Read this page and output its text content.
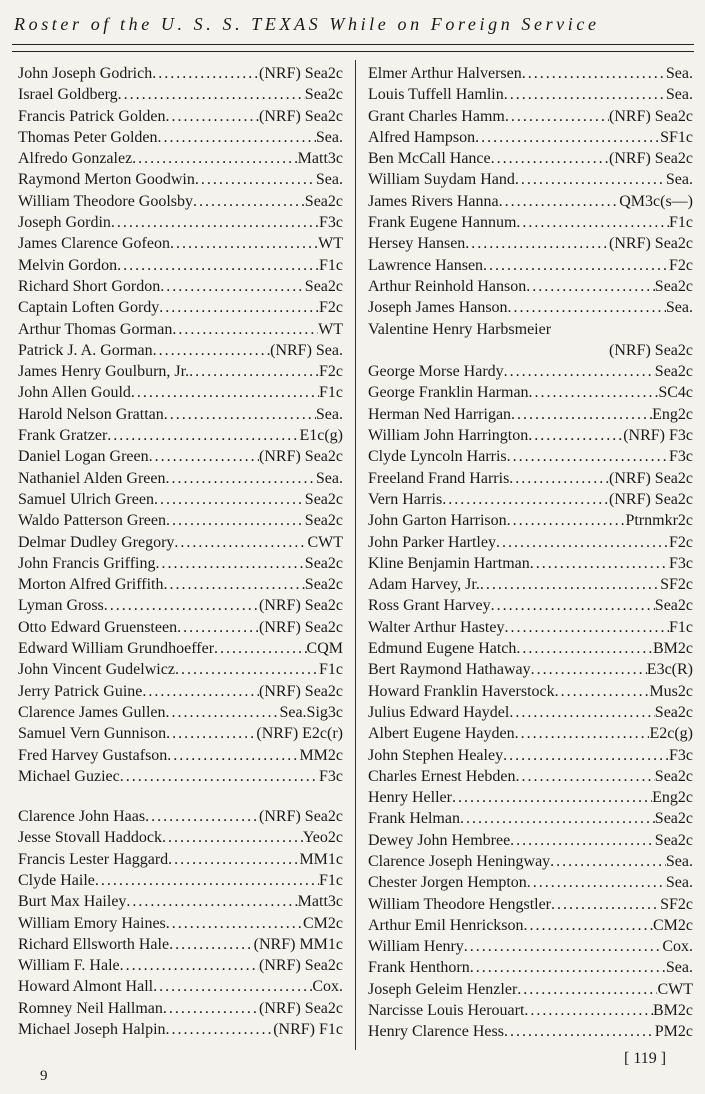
Roster of the U. S. S. TEXAS While on Foreign Service
John Joseph Godrich .....	(NRF) Sea2c
Israel Goldberg .....	Sea2c
Francis Patrick Golden .....	(NRF) Sea2c
Thomas Peter Golden .....	Sea.
Alfredo Gonzalez .....	Matt3c
Raymond Merton Goodwin .....	Sea.
William Theodore Goolsby .....	Sea2c
Joseph Gordin .....	F3c
James Clarence Gofeon .....	WT
Melvin Gordon .....	F1c
Richard Short Gordon .....	Sea2c
Captain Loften Gordy .....	F2c
Arthur Thomas Gorman .....	WT
Patrick J. A. Gorman .....	(NRF) Sea.
James Henry Goulburn, Jr. .....	F2c
John Allen Gould .....	F1c
Harold Nelson Grattan .....	Sea.
Frank Gratzer .....	E1c(g)
Daniel Logan Green .....	(NRF) Sea2c
Nathaniel Alden Green .....	Sea.
Samuel Ulrich Green .....	Sea2c
Waldo Patterson Green .....	Sea2c
Delmar Dudley Gregory .....	CWT
John Francis Griffing .....	Sea2c
Morton Alfred Griffith .....	Sea2c
Lyman Gross .....	(NRF) Sea2c
Otto Edward Gruensteen .....	(NRF) Sea2c
Edward William Grundhoeffer .....	CQM
John Vincent Gudelwicz .....	F1c
Jerry Patrick Guine .....	(NRF) Sea2c
Clarence James Gullen .....	Sea.Sig3c
Samuel Vern Gunnison .....	(NRF) E2c(r)
Fred Harvey Gustafson .....	MM2c
Michael Guziec .....	F3c
Clarence John Haas .....	(NRF) Sea2c
Jesse Stovall Haddock .....	Yeo2c
Francis Lester Haggard .....	MM1c
Clyde Haile .....	F1c
Burt Max Hailey .....	Matt3c
William Emory Haines .....	CM2c
Richard Ellsworth Hale .....	(NRF) MM1c
William F. Hale .....	(NRF) Sea2c
Howard Almont Hall .....	Cox.
Romney Neil Hallman .....	(NRF) Sea2c
Michael Joseph Halpin .....	(NRF) F1c
Elmer Arthur Halversen .....	Sea.
Louis Tuffell Hamlin .....	Sea.
Grant Charles Hamm .....	(NRF) Sea2c
Alfred Hampson .....	SF1c
Ben McCall Hance .....	(NRF) Sea2c
William Suydam Hand .....	Sea.
James Rivers Hanna .....	QM3c(s—)
Frank Eugene Hannum .....	F1c
Hersey Hansen .....	(NRF) Sea2c
Lawrence Hansen .....	F2c
Arthur Reinhold Hanson .....	Sea2c
Joseph James Hanson .....	Sea.
Valentine Henry Harbsmeier
(NRF) Sea2c
George Morse Hardy .....	Sea2c
George Franklin Harman .....	SC4c
Herman Ned Harrigan .....	Eng2c
William John Harrington .....	(NRF) F3c
Clyde Lyncoln Harris .....	F3c
Freeland Frand Harris .....	(NRF) Sea2c
Vern Harris .....	(NRF) Sea2c
John Garton Harrison .....	Ptrnmkr2c
John Parker Hartley .....	F2c
Kline Benjamin Hartman .....	F3c
Adam Harvey, Jr. .....	SF2c
Ross Grant Harvey .....	Sea2c
Walter Arthur Hastey .....	F1c
Edmund Eugene Hatch .....	BM2c
Bert Raymond Hathaway .....	E3c(R)
Howard Franklin Haverstock .....	Mus2c
Julius Edward Haydel .....	Sea2c
Albert Eugene Hayden .....	E2c(g)
John Stephen Healey .....	F3c
Charles Ernest Hebden .....	Sea2c
Henry Heller .....	Eng2c
Frank Helman .....	Sea2c
Dewey John Hembree .....	Sea2c
Clarence Joseph Heningway .....	Sea.
Chester Jorgen Hempton .....	Sea.
William Theodore Hengstler .....	SF2c
Arthur Emil Henrickson .....	CM2c
William Henry .....	Cox.
Frank Henthorn .....	Sea.
Joseph Geleim Henzler .....	CWT
Narcisse Louis Herouart .....	BM2c
Henry Clarence Hess .....	PM2c
9
[ 119 ]
